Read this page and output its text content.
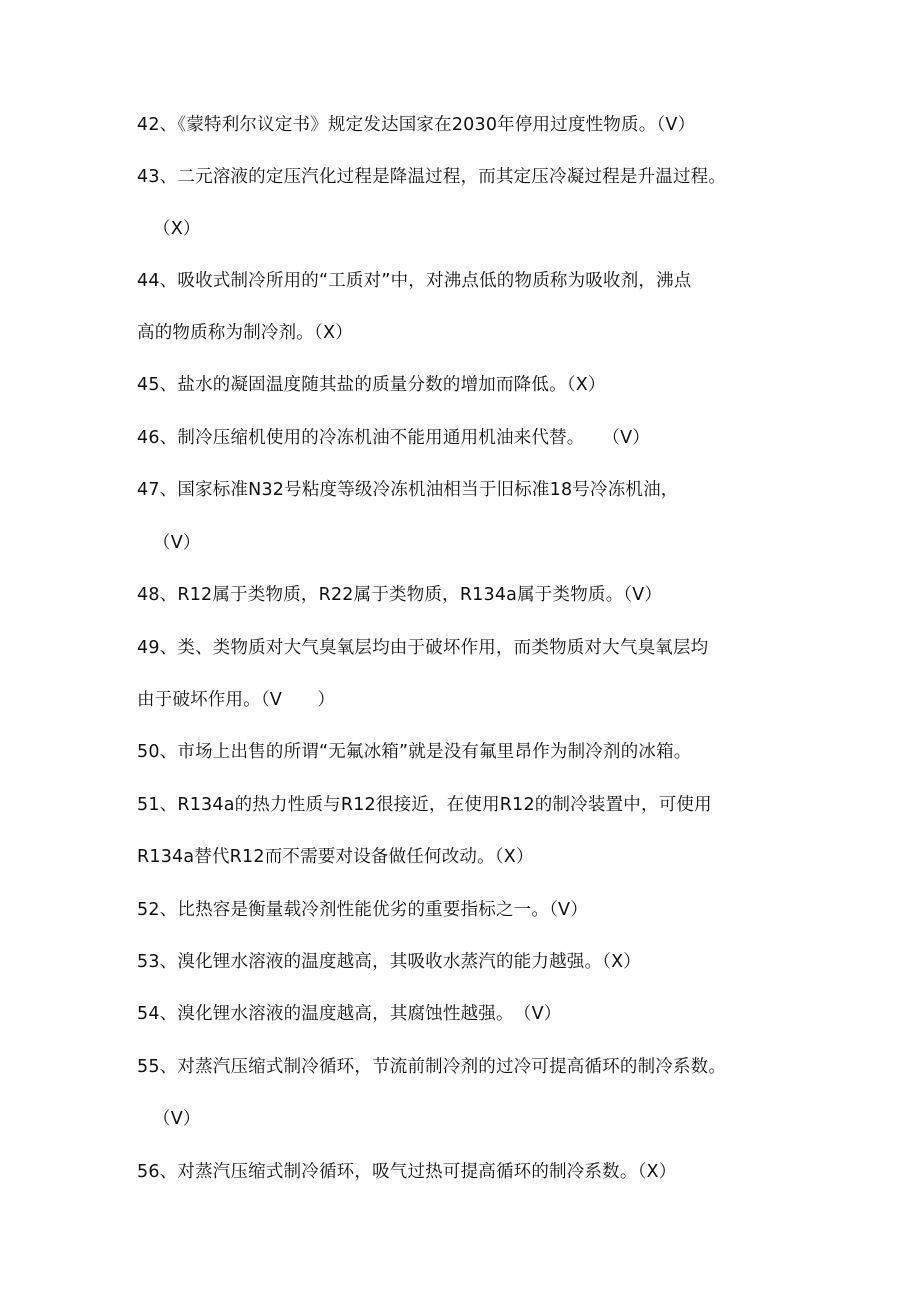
42、《蒙特利尔议定书》规定发达国家在2030年停用过度性物质。（V）
43、二元溶液的定压汽化过程是降温过程，而其定压冷凝过程是升温过程。
（X）
44、吸收式制冷所用的“工质对”中，对沸点低的物质称为吸收剂，沸点
高的物质称为制冷剂。（X）
45、盐水的凝固温度随其盐的质量分数的增加而降低。（X）
46、制冷压缩机使用的冷冻机油不能用通用机油来代替。　　（V）
47、国家标准N32号粘度等级冷冻机油相当于旧标准18号冷冻机油，
（V）
48、R12属于类物质，R22属于类物质，R134a属于类物质。（V）
49、类、类物质对大气臭氧层均由于破坏作用，而类物质对大气臭氧层均
由于破坏作用。（V　　）
50、市场上出售的所谓“无氟冰箱”就是没有氟里昂作为制冷剂的冰箱。
51、R134a的热力性质与R12很接近，在使用R12的制冷装置中，可使用
R134a替代R12而不需要对设备做任何改动。（X）
52、比热容是衡量载冷剂性能优劣的重要指标之一。（V）
53、溴化锂水溶液的温度越高，其吸收水蒸汽的能力越强。（X）
54、溴化锂水溶液的温度越高，其腐蚀性越强。　（V）
55、对蒸汽压缩式制冷循环，节流前制冷剂的过冷可提高循环的制冷系数。
（V）
56、对蒸汽压缩式制冷循环，吸气过热可提高循环的制冷系数。（X）
